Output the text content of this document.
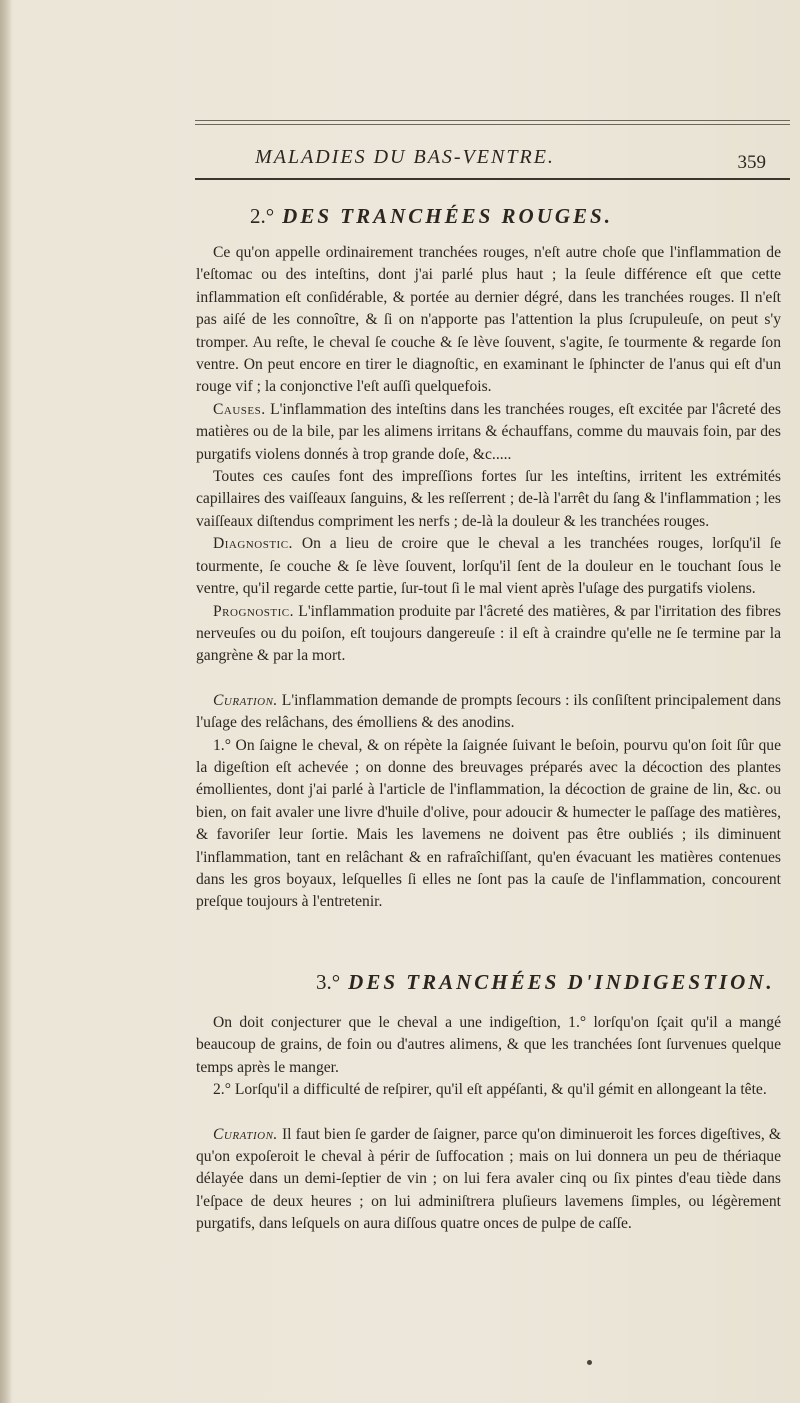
MALADIES DU BAS-VENTRE.	359
2.° DES TRANCHÉES ROUGES.

Ce qu'on appelle ordinairement tranchées rouges, n'eſt autre choſe que l'inflammation de l'eſtomac ou des inteſtins, dont j'ai parlé plus haut ; la ſeule différence eſt que cette inflammation eſt conſidérable, & portée au dernier dégré, dans les tranchées rouges. Il n'eſt pas aiſé de les connoître, & ſi on n'apporte pas l'attention la plus ſcrupuleuſe, on peut s'y tromper. Au reſte, le cheval ſe couche & ſe lève ſouvent, s'agite, ſe tourmente & regarde ſon ventre. On peut encore en tirer le diagnoſtic, en examinant le ſphincter de l'anus qui eſt d'un rouge vif ; la conjonctive l'eſt auſſi quelquefois.

Causes. L'inflammation des inteſtins dans les tranchées rouges, eſt excitée par l'âcreté des matières ou de la bile, par les alimens irritans & échauffans, comme du mauvais foin, par des purgatifs violens donnés à trop grande doſe, &c.....

Toutes ces cauſes font des impreſſions fortes ſur les inteſtins, irritent les extrémités capillaires des vaiſſeaux ſanguins, & les reſſerrent ; de-là l'arrêt du ſang & l'inflammation ; les vaiſſeaux diſtendus compriment les nerfs ; de-là la douleur & les tranchées rouges.

Diagnostic. On a lieu de croire que le cheval a les tranchées rouges, lorſqu'il ſe tourmente, ſe couche & ſe lève ſouvent, lorſqu'il ſent de la douleur en le touchant ſous le ventre, qu'il regarde cette partie, ſur-tout ſi le mal vient après l'uſage des purgatifs violens.

Prognostic. L'inflammation produite par l'âcreté des matières, & par l'irritation des fibres nerveuſes ou du poiſon, eſt toujours dangereuſe : il eſt à craindre qu'elle ne ſe termine par la gangrène & par la mort.

Curation. L'inflammation demande de prompts ſecours : ils conſiſtent principalement dans l'uſage des relâchans, des émolliens & des anodins.

1.° On ſaigne le cheval, & on répète la ſaignée ſuivant le beſoin, pourvu qu'on ſoit ſûr que la digeſtion eſt achevée ; on donne des breuvages préparés avec la décoction des plantes émollientes, dont j'ai parlé à l'article de l'inflammation, la décoction de graine de lin, &c. ou bien, on fait avaler une livre d'huile d'olive, pour adoucir & humecter le paſſage des matières, & favoriſer leur ſortie. Mais les lavemens ne doivent pas être oubliés ; ils diminuent l'inflammation, tant en relâchant & en rafraîchiſſant, qu'en évacuant les matières contenues dans les gros boyaux, leſquelles ſi elles ne ſont pas la cauſe de l'inflammation, concourent preſque toujours à l'entretenir.

3.° DES TRANCHÉES D'INDIGESTION.

On doit conjecturer que le cheval a une indigeſtion, 1.° lorſqu'on ſçait qu'il a mangé beaucoup de grains, de foin ou d'autres alimens, & que les tranchées ſont ſurvenues quelque temps après le manger.

2.° Lorſqu'il a difficulté de reſpirer, qu'il eſt appéſanti, & qu'il gémit en allongeant la tête.

Curation. Il faut bien ſe garder de ſaigner, parce qu'on diminueroit les forces digeſtives, & qu'on expoſeroit le cheval à périr de ſuffocation ; mais on lui donnera un peu de thériaque délayée dans un demi-ſeptier de vin ; on lui fera avaler cinq ou ſix pintes d'eau tiède dans l'eſpace de deux heures ; on lui adminiſtrera pluſieurs lavemens ſimples, ou légèrement purgatifs, dans leſquels on aura diſſous quatre onces de pulpe de caſſe.
